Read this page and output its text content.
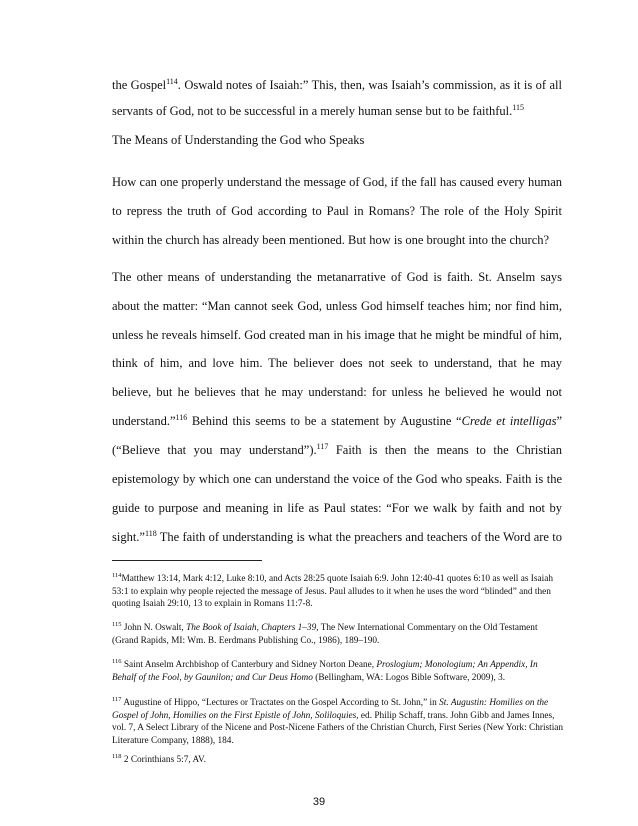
the Gospel$^{114}$. Oswald notes of Isaiah:” This, then, was Isaiah’s commission, as it is of all
servants of God, not to be successful in a merely human sense but to be faithful.$^{115}$
The Means of Understanding the God who Speaks
How can one properly understand the message of God, if the fall has caused every human
to repress the truth of God according to Paul in Romans? The role of the Holy Spirit
within the church has already been mentioned. But how is one brought into the church?
The other means of understanding the metanarrative of God is faith. St. Anselm says
about the matter: “Man cannot seek God, unless God himself teaches him; nor find him,
unless he reveals himself. God created man in his image that he might be mindful of him,
think of him, and love him. The believer does not seek to understand, that he may
believe, but he believes that he may understand: for unless he believed he would not
understand.”$^{116}$ Behind this seems to be a statement by Augustine “Crede et intelligas”
(“Believe that you may understand”).$^{117}$ Faith is then the means to the Christian
epistemology by which one can understand the voice of the God who speaks. Faith is the
guide to purpose and meaning in life as Paul states: “For we walk by faith and not by
sight.”$^{118}$ The faith of understanding is what the preachers and teachers of the Word are to
$^{114}$Matthew 13:14, Mark 4:12, Luke 8:10, and Acts 28:25 quote Isaiah 6:9. John 12:40-41 quotes 6:10 as well as Isaiah 53:1 to explain why people rejected the message of Jesus. Paul alludes to it when he uses the word “blinded” and then quoting Isaiah 29:10, 13 to explain in Romans 11:7-8.
$^{115}$ John N. Oswalt, The Book of Isaiah, Chapters 1–39, The New International Commentary on the Old Testament (Grand Rapids, MI: Wm. B. Eerdmans Publishing Co., 1986), 189–190.
$^{116}$ Saint Anselm Archbishop of Canterbury and Sidney Norton Deane, Proslogium; Monologium; An Appendix, In Behalf of the Fool, by Gaunilon; and Cur Deus Homo (Bellingham, WA: Logos Bible Software, 2009), 3.
$^{117}$ Augustine of Hippo, “Lectures or Tractates on the Gospel According to St. John,” in St. Augustin: Homilies on the Gospel of John, Homilies on the First Epistle of John, Soliloquies, ed. Philip Schaff, trans. John Gibb and James Innes, vol. 7, A Select Library of the Nicene and Post-Nicene Fathers of the Christian Church, First Series (New York: Christian Literature Company, 1888), 184.
$^{118}$ 2 Corinthians 5:7, AV.
39
